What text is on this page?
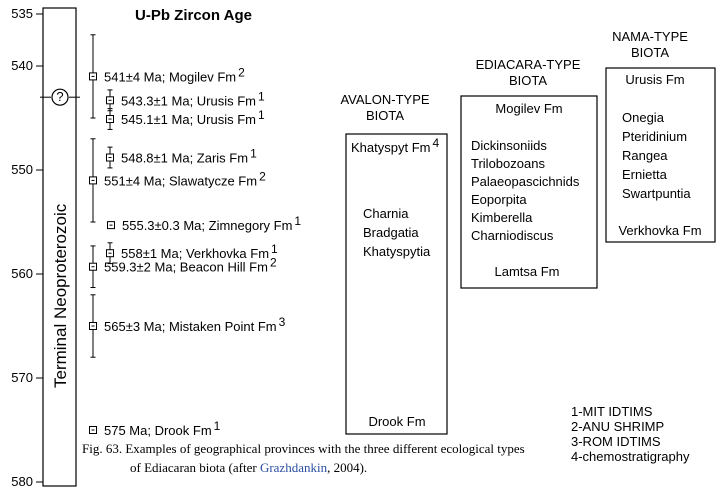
U-Pb Zircon Age
535
540
550
560
570
580
Terminal Neoproterozoic
?
541±4 Ma; Mogilev Fm 2
543.3±1 Ma; Urusis Fm 1
545.1±1 Ma; Urusis Fm 1
548.8±1 Ma; Zaris Fm 1
551±4 Ma; Slawatycze Fm 2
555.3±0.3 Ma; Zimnegory Fm 1
558±1 Ma; Verkhovka Fm 1
559.3±2 Ma; Beacon Hill Fm 2
565±3 Ma; Mistaken Point Fm 3
575 Ma; Drook Fm 1
AVALON-TYPE
BIOTA
Khatyspyt Fm 4
Charnia
Bradgatia
Khatyspytia
Drook Fm
EDIACARA-TYPE
BIOTA
Mogilev Fm
Dickinsoniids
Trilobozoans
Palaeopascichnids
Eoporpita
Kimberella
Charniodiscus
Lamtsa Fm
NAMA-TYPE
BIOTA
Urusis Fm
Onegia
Pteridinium
Rangea
Ernietta
Swartpuntia
Verkhovka Fm
1-MIT IDTIMS
2-ANU SHRIMP
3-ROM IDTIMS
4-chemostratigraphy
Fig. 63. Examples of geographical provinces with the three different ecological types
of Ediacaran biota (after Grazhdankin, 2004).
